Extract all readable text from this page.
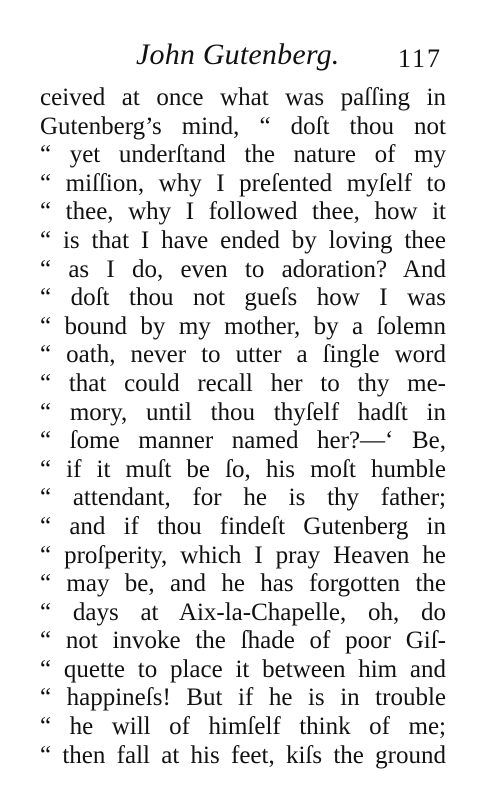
John Gutenberg. 117
ceived at once what was paſſing in
Gutenberg’s mind, “ doſt thou not
“ yet underſtand the nature of my
“ miſſion, why I preſented myſelf to
“ thee, why I followed thee, how it
“ is that I have ended by loving thee
“ as I do, even to adoration? And
“ doſt thou not gueſs how I was
“ bound by my mother, by a ſolemn
“ oath, never to utter a ſingle word
“ that could recall her to thy me-
“ mory, until thou thyſelf hadſt in
“ ſome manner named her?—‘ Be,
“ if it muſt be ſo, his moſt humble
“ attendant, for he is thy father;
“ and if thou findeſt Gutenberg in
“ proſperity, which I pray Heaven he
“ may be, and he has forgotten the
“ days at Aix-la-Chapelle, oh, do
“ not invoke the ſhade of poor Giſ-
“ quette to place it between him and
“ happineſs! But if he is in trouble
“ he will of himſelf think of me;
“ then fall at his feet, kiſs the ground
